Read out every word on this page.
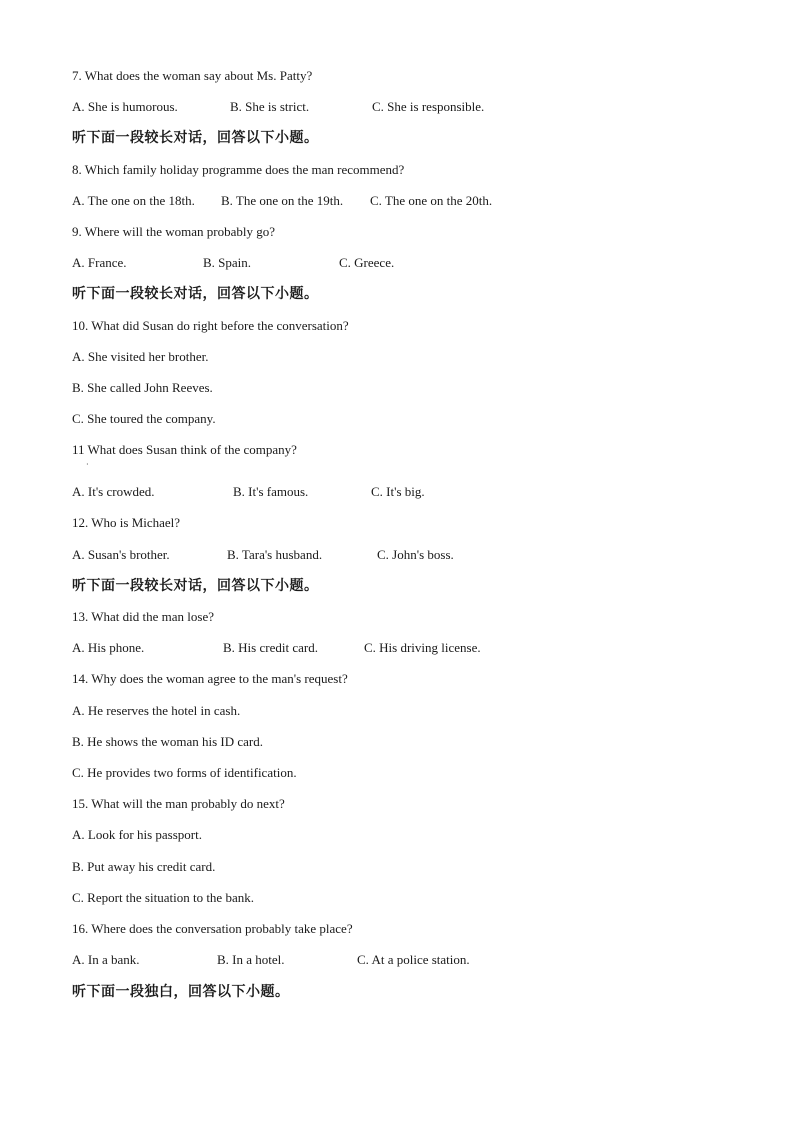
7. What does the woman say about Ms. Patty?
A. She is humorous.	B. She is strict.	C. She is responsible.
听下面一段较长对话，回答以下小题。
8. Which family holiday programme does the man recommend?
A. The one on the 18th. B. The one on the 19th. C. The one on the 20th.
9. Where will the woman probably go?
A. France.	B. Spain.	C. Greece.
听下面一段较长对话，回答以下小题。
10. What did Susan do right before the conversation?
A. She visited her brother.
B. She called John Reeves.
C. She toured the company.
11 What does Susan think of the company?
·
A. It's crowded.	B. It's famous.	C. It's big.
12. Who is Michael?
A. Susan's brother.	B. Tara's husband.	C. John's boss.
听下面一段较长对话，回答以下小题。
13. What did the man lose?
A. His phone.	B. His credit card.	C. His driving license.
14. Why does the woman agree to the man's request?
A. He reserves the hotel in cash.
B. He shows the woman his ID card.
C. He provides two forms of identification.
15. What will the man probably do next?
A. Look for his passport.
B. Put away his credit card.
C. Report the situation to the bank.
16. Where does the conversation probably take place?
A. In a bank.	B. In a hotel.	C. At a police station.
听下面一段独白，回答以下小题。
